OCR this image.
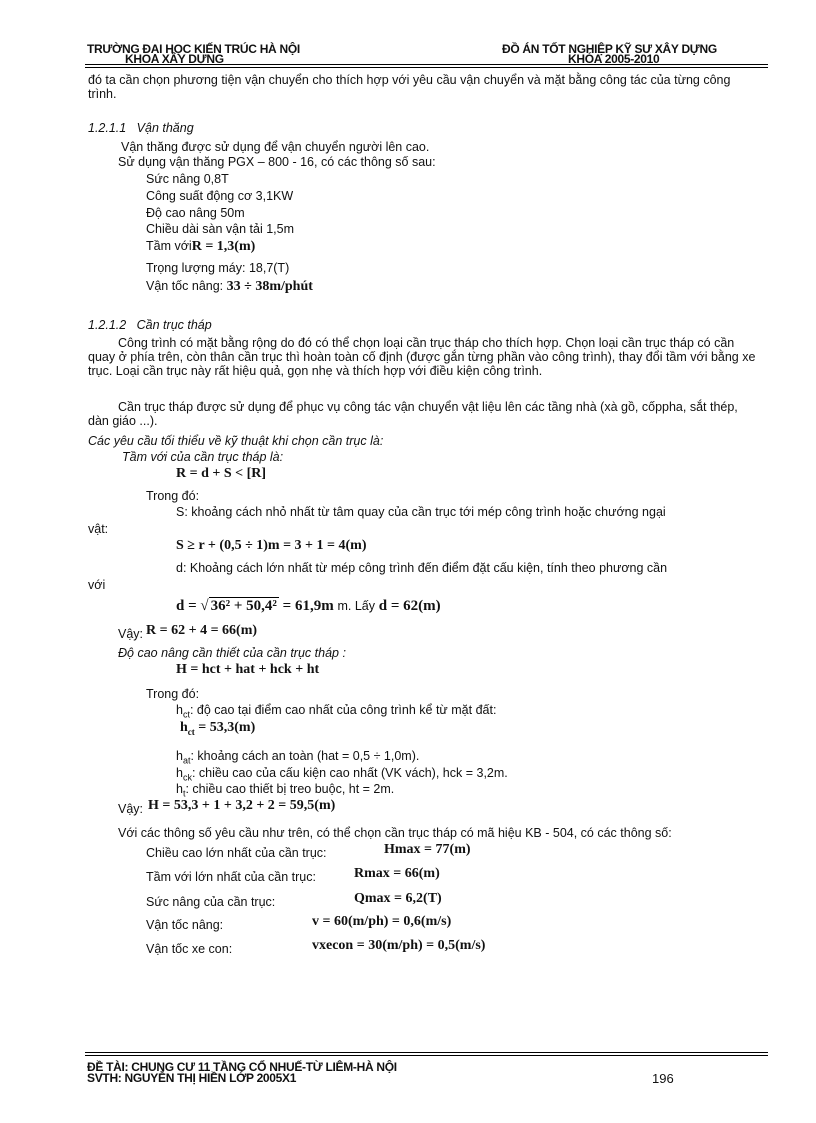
TRƯỜNG ĐẠI HỌC KIẾN TRÚC HÀ NỘI
KHOA XÂY DỰNG
ĐỒ ÁN TỐT NGHIỆP KỸ SƯ XÂY DỰNG
KHÓA 2005-2010
đó ta cần chọn phương tiện vận chuyển cho thích hợp với yêu cầu vận chuyển và mặt bằng công tác của từng công trình.
1.2.1.1 Vận thăng
Vận thăng được sử dụng để vận chuyển người lên cao.
Sử dụng vận thăng PGX – 800 - 16, có các thông số sau:
Sức nâng 0,8T
Công suất động cơ 3,1KW
Độ cao nâng 50m
Chiều dài sàn vận tải 1,5m
Tầm vớiR = 1,3(m)
Trọng lượng máy: 18,7(T)
Vận tốc nâng: 33 ÷ 38m/phút
1.2.1.2 Cần trục tháp
Công trình có mặt bằng rộng do đó có thể chọn loại cần trục tháp cho thích hợp. Chọn loại cần trục tháp có cần quay ở phía trên, còn thân cần trục thì hoàn toàn cố định (được gắn từng phần vào công trình), thay đổi tầm với bằng xe trục. Loại cần trục này rất hiệu quả, gọn nhẹ và thích hợp với điều kiện công trình.
Cần trục tháp được sử dụng để phục vụ công tác vận chuyển vật liệu lên các tầng nhà (xà gồ, cốppha, sắt thép, dàn giáo ...).
Các yêu cầu tối thiểu về kỹ thuật khi chọn cần trục là:
Tầm với của cần trục tháp là:
R = d + S < [R]
Trong đó:
S: khoảng cách nhỏ nhất từ tâm quay của cần trục tới mép công trình hoặc chướng ngại
vật:
S ≥ r + (0,5 ÷ 1)m = 3 + 1 = 4(m)
d: Khoảng cách lớn nhất từ mép công trình đến điểm đặt cấu kiện, tính theo phương cần
với
d = √ 36² + 50,4² = 61,9m m. Lấy d = 62(m)
Vậy: R = 62 + 4 = 66(m)
Độ cao nâng cần thiết của cần trục tháp :
H = hct + hat + hck + ht
Trong đó:
$h_{ct}$: độ cao tại điểm cao nhất của công trình kể từ mặt đất:
$h_{ct} = 53,3(m)$
$h_{at}$: khoảng cách an toàn (hat = 0,5 ÷ 1,0m).
$h_{ck}$: chiều cao của cấu kiện cao nhất (VK vách), hck = 3,2m.
$h_t$: chiều cao thiết bị treo buộc, ht = 2m.
Vậy: H = 53,3 + 1 + 3,2 + 2 = 59,5(m)
Với các thông số yêu cầu như trên, có thể chọn cần trục tháp có mã hiệu KB - 504, có các thông số:
Chiều cao lớn nhất của cần trục:	Hmax = 77(m)
Tầm với lớn nhất của cần trục:	Rmax = 66(m)
Sức nâng của cần trục:	Qmax = 6,2(T)
Vận tốc nâng:	v = 60(m/ph) = 0,6(m/s)
Vận tốc xe con:	vxecon = 30(m/ph) = 0,5(m/s)
ĐỀ TÀI: CHUNG CƯ 11 TẦNG CỔ NHUẾ-TỪ LIÊM-HÀ NỘI
SVTH: NGUYỄN THỊ HIỀN LỚP 2005X1	196
